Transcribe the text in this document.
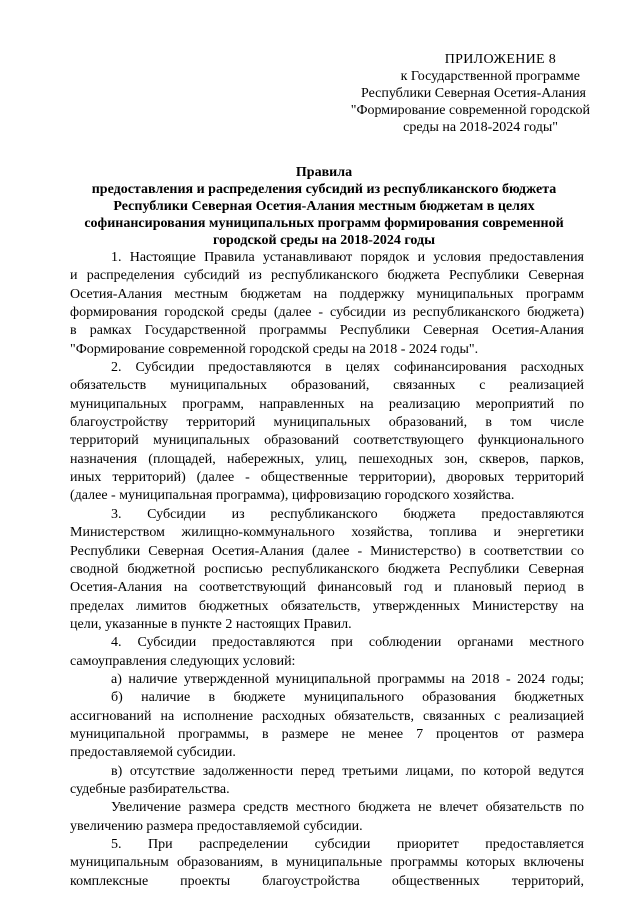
ПРИЛОЖЕНИЕ 8
к Государственной программе
Республики Северная Осетия-Алания
"Формирование современной городской
среды на 2018-2024 годы"
Правила
предоставления и распределения субсидий из республиканского бюджета
Республики Северная Осетия-Алания местным бюджетам в целях
софинансирования муниципальных программ формирования современной
городской среды на 2018-2024 годы
1. Настоящие Правила устанавливают порядок и условия предоставления
и распределения субсидий из республиканского бюджета Республики Северная
Осетия-Алания местным бюджетам на поддержку муниципальных программ
формирования городской среды (далее - субсидии из республиканского бюджета)
в рамках Государственной программы Республики Северная Осетия-Алания
"Формирование современной городской среды на 2018 - 2024 годы".
2. Субсидии предоставляются в целях софинансирования расходных
обязательств муниципальных образований, связанных с реализацией
муниципальных программ, направленных на реализацию мероприятий по
благоустройству территорий муниципальных образований, в том числе
территорий муниципальных образований соответствующего функционального
назначения (площадей, набережных, улиц, пешеходных зон, скверов, парков,
иных территорий) (далее - общественные территории), дворовых территорий
(далее - муниципальная программа), цифровизацию городского хозяйства.
3. Субсидии из республиканского бюджета предоставляются
Министерством жилищно-коммунального хозяйства, топлива и энергетики
Республики Северная Осетия-Алания (далее - Министерство) в соответствии со
сводной бюджетной росписью республиканского бюджета Республики Северная
Осетия-Алания на соответствующий финансовый год и плановый период в
пределах лимитов бюджетных обязательств, утвержденных Министерству на
цели, указанные в пункте 2 настоящих Правил.
4. Субсидии предоставляются при соблюдении органами местного
самоуправления следующих условий:
а) наличие утвержденной муниципальной программы на 2018 - 2024 годы;
б) наличие в бюджете муниципального образования бюджетных
ассигнований на исполнение расходных обязательств, связанных с реализацией
муниципальной программы, в размере не менее 7 процентов от размера
предоставляемой субсидии.
в) отсутствие задолженности перед третьими лицами, по которой ведутся
судебные разбирательства.
Увеличение размера средств местного бюджета не влечет обязательств по
увеличению размера предоставляемой субсидии.
5. При распределении субсидии приоритет предоставляется
муниципальным образованиям, в муниципальные программы которых включены
комплексные проекты благоустройства общественных территорий,
